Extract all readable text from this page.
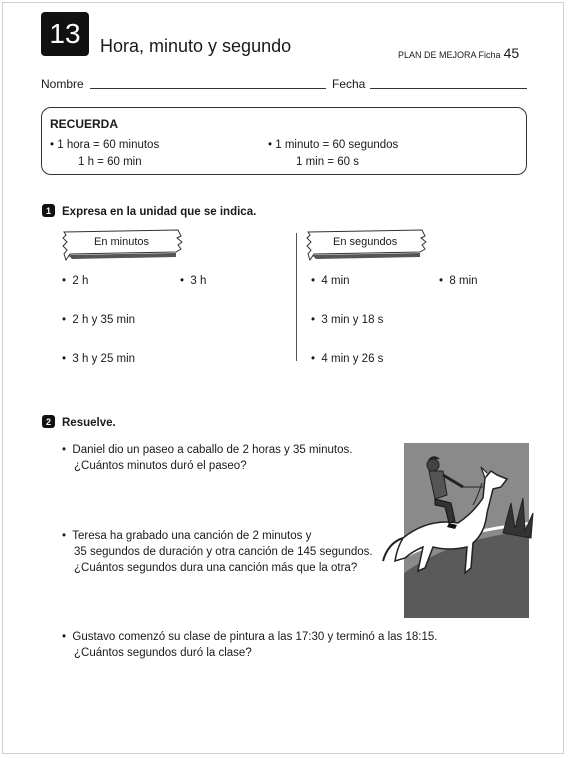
13	Hora, minuto y segundo	PLAN DE MEJORA Ficha 45
Nombre	Fecha
RECUERDA
• 1 hora = 60 minutos
1 h = 60 min
• 1 minuto = 60 segundos
1 min = 60 s
1 Expresa en la unidad que se indica.
En minutos	En segundos
•  2 h	•  3 h
•  2 h y 35 min
•  3 h y 25 min
•  4 min	•  8 min
•  3 min y 18 s
•  4 min y 26 s
2 Resuelve.
•  Daniel dio un paseo a caballo de 2 horas y 35 minutos.
¿Cuántos minutos duró el paseo?
•  Teresa ha grabado una canción de 2 minutos y
35 segundos de duración y otra canción de 145 segundos.
¿Cuántos segundos dura una canción más que la otra?
•  Gustavo comenzó su clase de pintura a las 17:30 y terminó a las 18:15.
¿Cuántos segundos duró la clase?
